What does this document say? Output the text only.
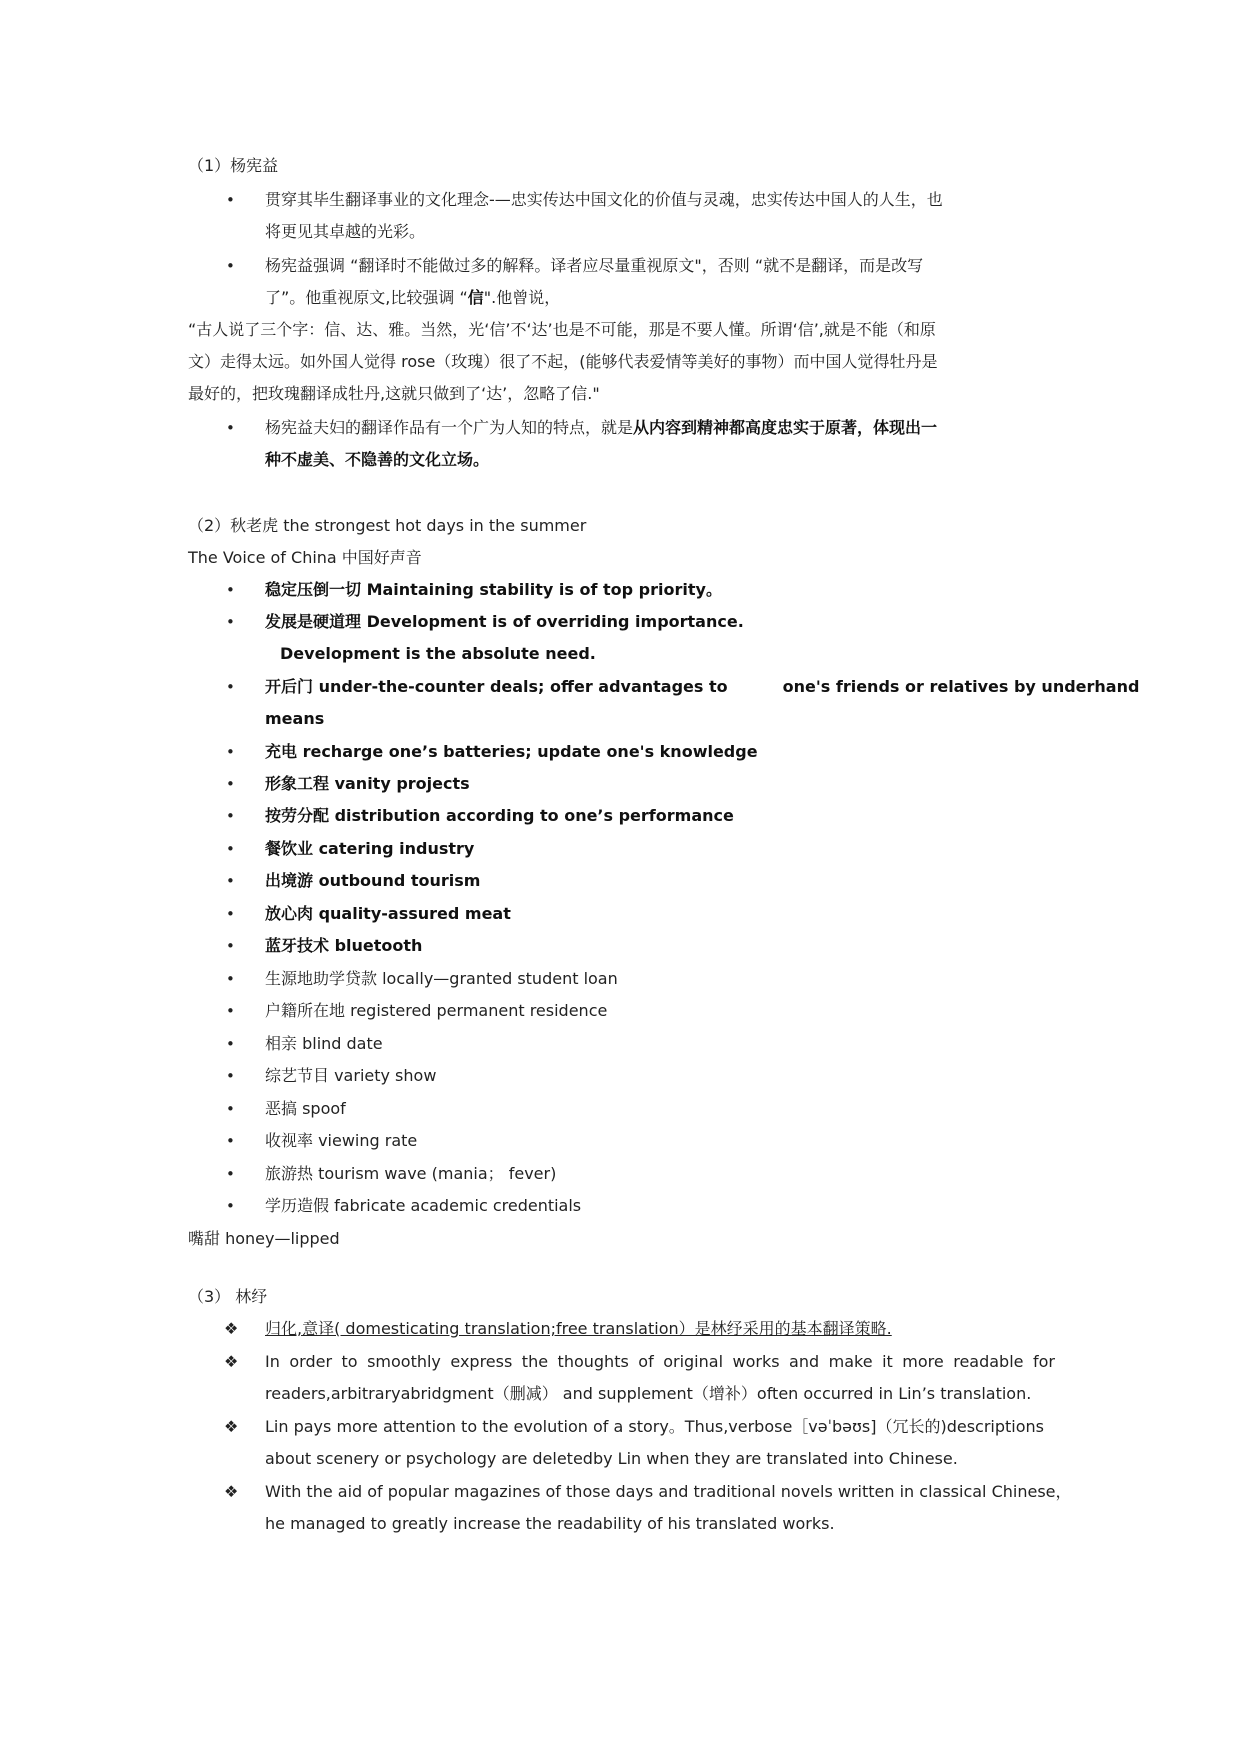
（1）杨宪益
• 贯穿其毕生翻译事业的文化理念-—忠实传达中国文化的价值与灵魂，忠实传达中国人的人生，也
将更见其卓越的光彩。
• 杨宪益强调 “翻译时不能做过多的解释。译者应尽量重视原文"，否则 “就不是翻译，而是改写
了”。他重视原文,比较强调 “信".他曾说，
“古人说了三个字：信、达、雅。当然，光‘信’不‘达’也是不可能，那是不要人懂。所谓‘信’,就是不能（和原
文）走得太远。如外国人觉得 rose（玫瑰）很了不起，(能够代表爱情等美好的事物）而中国人觉得牡丹是
最好的，把玫瑰翻译成牡丹,这就只做到了‘达’，忽略了信."
• 杨宪益夫妇的翻译作品有一个广为人知的特点，就是从内容到精神都高度忠实于原著，体现出一
种不虚美、不隐善的文化立场。
（2）秋老虎 the strongest hot days in the summer
The Voice of China 中国好声音
• 稳定压倒一切 Maintaining stability is of top priority。
• 发展是硬道理 Development is of overriding importance.
Development is the absolute need.
• 开后门 under-the-counter deals; offer advantages to	one's friends or relatives by underhand
means
• 充电 recharge one’s batteries; update one's knowledge
• 形象工程 vanity projects
• 按劳分配 distribution according to one’s performance
• 餐饮业 catering industry
• 出境游 outbound tourism
• 放心肉 quality-assured meat
• 蓝牙技术 bluetooth
• 生源地助学贷款 locally—granted student loan
• 户籍所在地 registered permanent residence
• 相亲 blind date
• 综艺节目 variety show
• 恶搞 spoof
• 收视率 viewing rate
• 旅游热 tourism wave (mania； fever)
• 学历造假 fabricate academic credentials
嘴甜 honey—lipped
（3） 林纾
❖ 归化,意译( domesticating translation;free translation）是林纾采用的基本翻译策略.
❖ In order to smoothly express the thoughts of original works and make it more readable for
readers,arbitraryabridgment（删减） and supplement（增补）often occurred in Lin’s translation.
❖ Lin pays more attention to the evolution of a story。Thus,verbose［vəˈbəʊs]（冗长的)descriptions
about scenery or psychology are deletedby Lin when they are translated into Chinese.
❖ With the aid of popular magazines of those days and traditional novels written in classical Chinese，
he managed to greatly increase the readability of his translated works.
